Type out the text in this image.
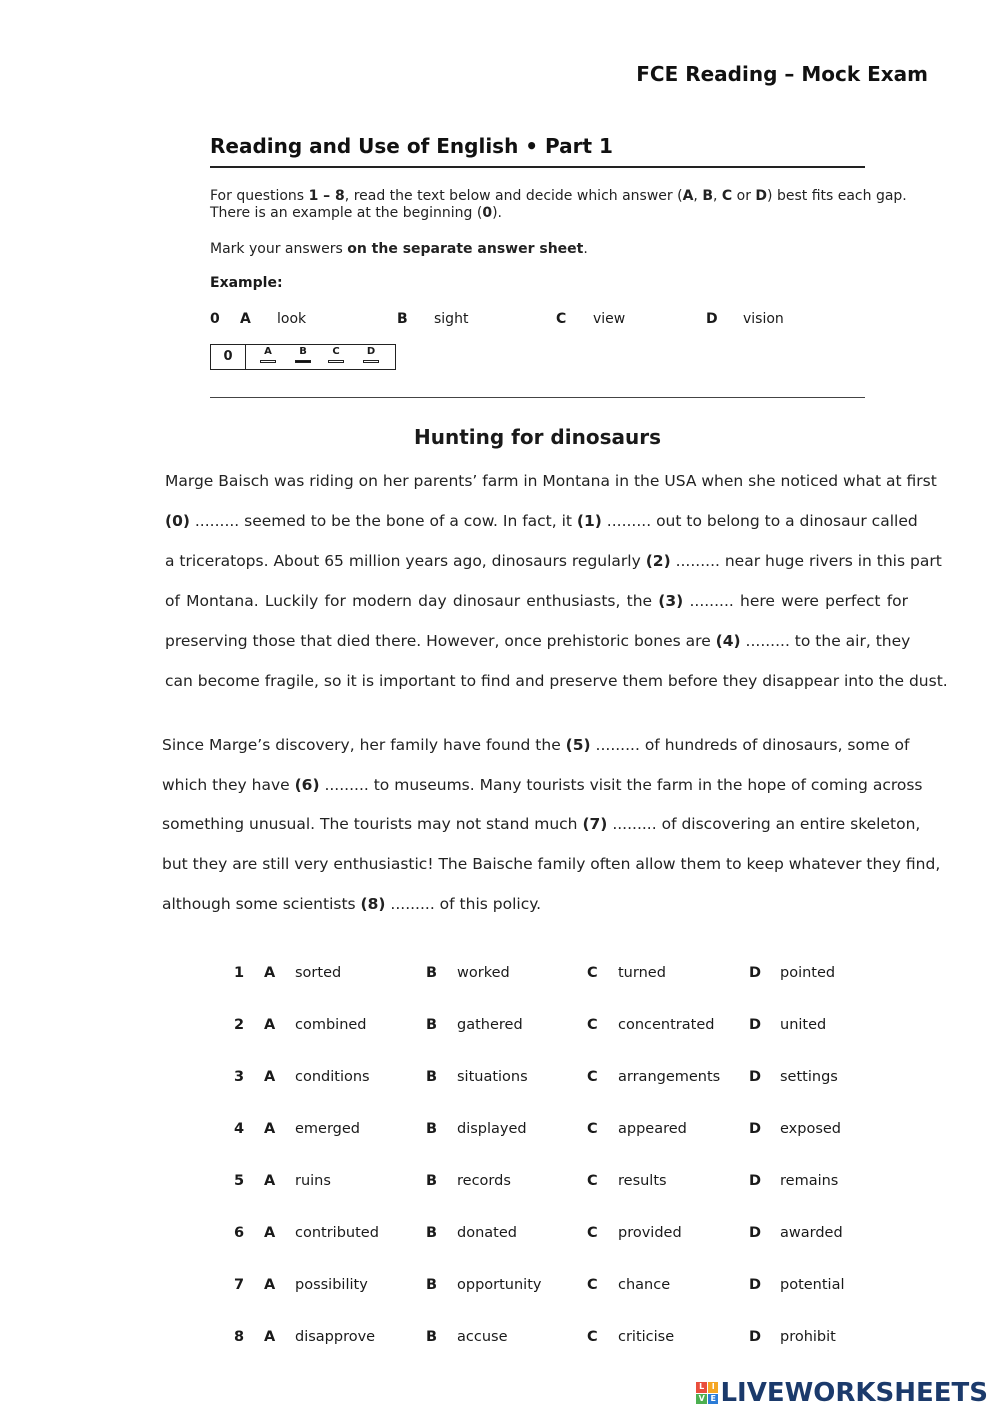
FCE Reading – Mock Exam
Reading and Use of English • Part 1
For questions 1 – 8, read the text below and decide which answer (A, B, C or D) best fits each gap.
There is an example at the beginning (0).
Mark your answers on the separate answer sheet.
Example:
0 A look	B sight	C view	D vision
0	A	B	C	D
Hunting for dinosaurs
Marge Baisch was riding on her parents’ farm in Montana in the USA when she noticed what at first
(0) ......... seemed to be the bone of a cow. In fact, it (1) ......... out to belong to a dinosaur called
a triceratops. About 65 million years ago, dinosaurs regularly (2) ......... near huge rivers in this part
of Montana. Luckily for modern day dinosaur enthusiasts, the (3) ......... here were perfect for
preserving those that died there. However, once prehistoric bones are (4) ......... to the air, they
can become fragile, so it is important to find and preserve them before they disappear into the dust.
Since Marge’s discovery, her family have found the (5) ......... of hundreds of dinosaurs, some of
which they have (6) ......... to museums. Many tourists visit the farm in the hope of coming across
something unusual. The tourists may not stand much (7) ......... of discovering an entire skeleton,
but they are still very enthusiastic! The Baische family often allow them to keep whatever they find,
although some scientists (8) ......... of this policy.
1 A sorted	B worked	C turned	D pointed
2 A combined	B gathered	C concentrated D united
3 A conditions	B situations	C arrangements D settings
4 A emerged	B displayed	C appeared	D exposed
5 A ruins	B records	C results	D remains
6 A contributed	B donated	C provided	D awarded
7 A possibility	B opportunity	C chance	D potential
8 A disapprove	B accuse	C criticise	D prohibit
L I
V E LIVEWORKSHEETS
